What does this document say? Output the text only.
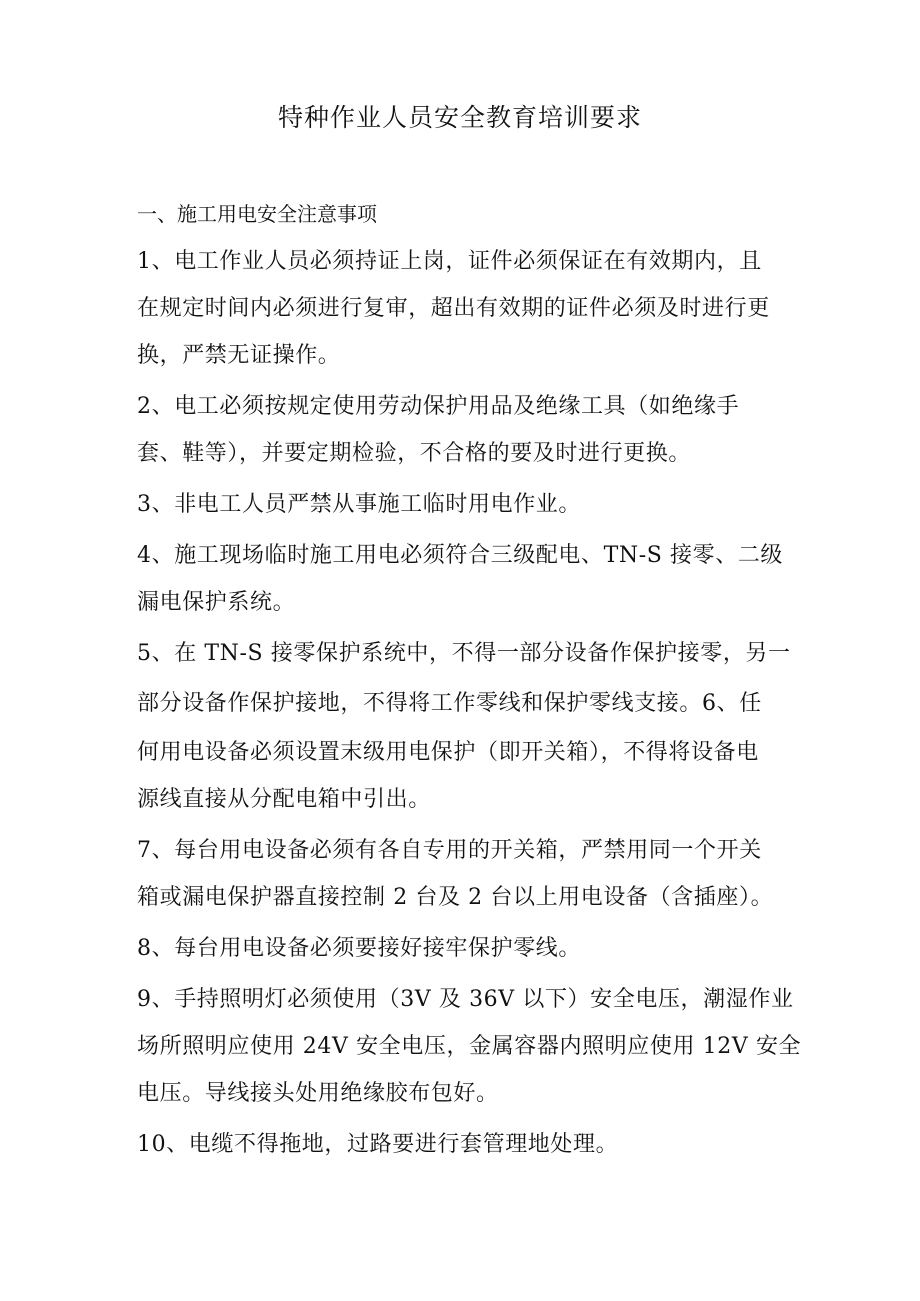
特种作业人员安全教育培训要求
一、施工用电安全注意事项

1、电工作业人员必须持证上岗，证件必须保证在有效期内，且

在规定时间内必须进行复审，超出有效期的证件必须及时进行更

换，严禁无证操作。

2、电工必须按规定使用劳动保护用品及绝缘工具（如绝缘手

套、鞋等），并要定期检验，不合格的要及时进行更换。

3、非电工人员严禁从事施工临时用电作业。

4、施工现场临时施工用电必须符合三级配电、TN-S 接零、二级

漏电保护系统。

5、在 TN-S 接零保护系统中，不得一部分设备作保护接零，另一

部分设备作保护接地，不得将工作零线和保护零线支接。6、任

何用电设备必须设置末级用电保护（即开关箱），不得将设备电

源线直接从分配电箱中引出。

7、每台用电设备必须有各自专用的开关箱，严禁用同一个开关

箱或漏电保护器直接控制 2 台及 2 台以上用电设备（含插座）。

8、每台用电设备必须要接好接牢保护零线。

9、手持照明灯必须使用（3V 及 36V 以下）安全电压，潮湿作业

场所照明应使用 24V 安全电压，金属容器内照明应使用 12V 安全

电压。导线接头处用绝缘胶布包好。

10、电缆不得拖地，过路要进行套管理地处理。
